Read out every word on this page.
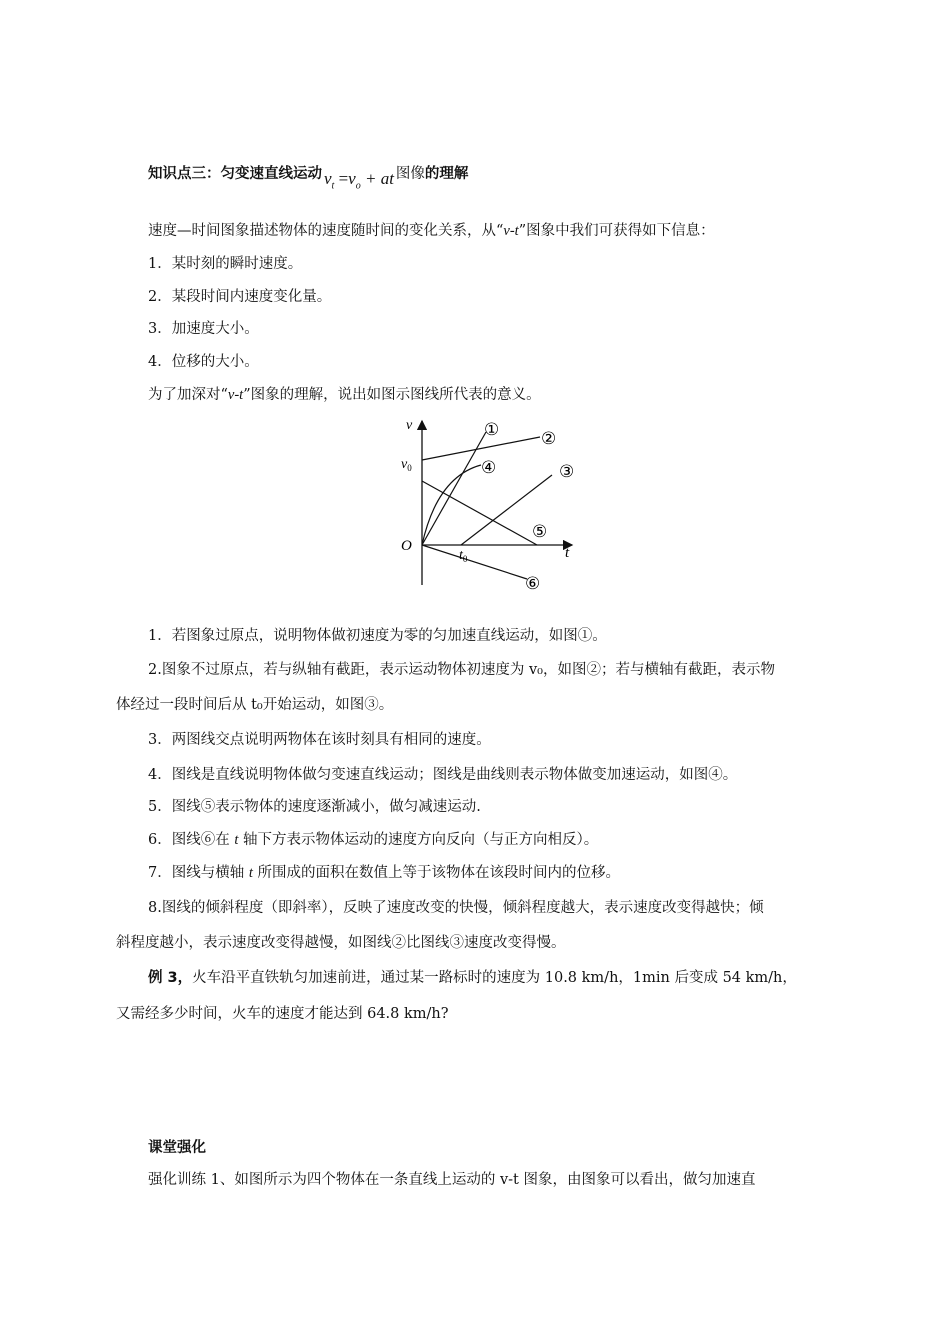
知识点三：匀变速直线运动 $v_t =v_o$ + at 图像的理解
速度—时间图象描述物体的速度随时间的变化关系，从“v-t”图象中我们可获得如下信息：
1．某时刻的瞬时速度。
2．某段时间内速度变化量。
3．加速度大小。
4．位移的大小。
为了加深对“v-t”图象的理解，说出如图示图线所代表的意义。
v
t
O
$v_0$
$t_0$
① ②
③
④
⑤
⑥
1．若图象过原点，说明物体做初速度为零的匀加速直线运动，如图①。
2.图象不过原点，若与纵轴有截距，表示运动物体初速度为 v₀，如图②；若与横轴有截距，表示物
体经过一段时间后从 t₀开始运动，如图③。
3．两图线交点说明两物体在该时刻具有相同的速度。
4．图线是直线说明物体做匀变速直线运动；图线是曲线则表示物体做变加速运动，如图④。
5．图线⑤表示物体的速度逐渐减小，做匀减速运动.
6．图线⑥在 t 轴下方表示物体运动的速度方向反向（与正方向相反）。
7．图线与横轴 t 所围成的面积在数值上等于该物体在该段时间内的位移。
8.图线的倾斜程度（即斜率），反映了速度改变的快慢，倾斜程度越大，表示速度改变得越快；倾
斜程度越小，表示速度改变得越慢，如图线②比图线③速度改变得慢。
例 3，火车沿平直铁轨匀加速前进，通过某一路标时的速度为 10.8 km/h，1min 后变成 54 km/h，
又需经多少时间，火车的速度才能达到 64.8 km/h?
课堂强化
强化训练 1、如图所示为四个物体在一条直线上运动的 v-t 图象，由图象可以看出，做匀加速直
